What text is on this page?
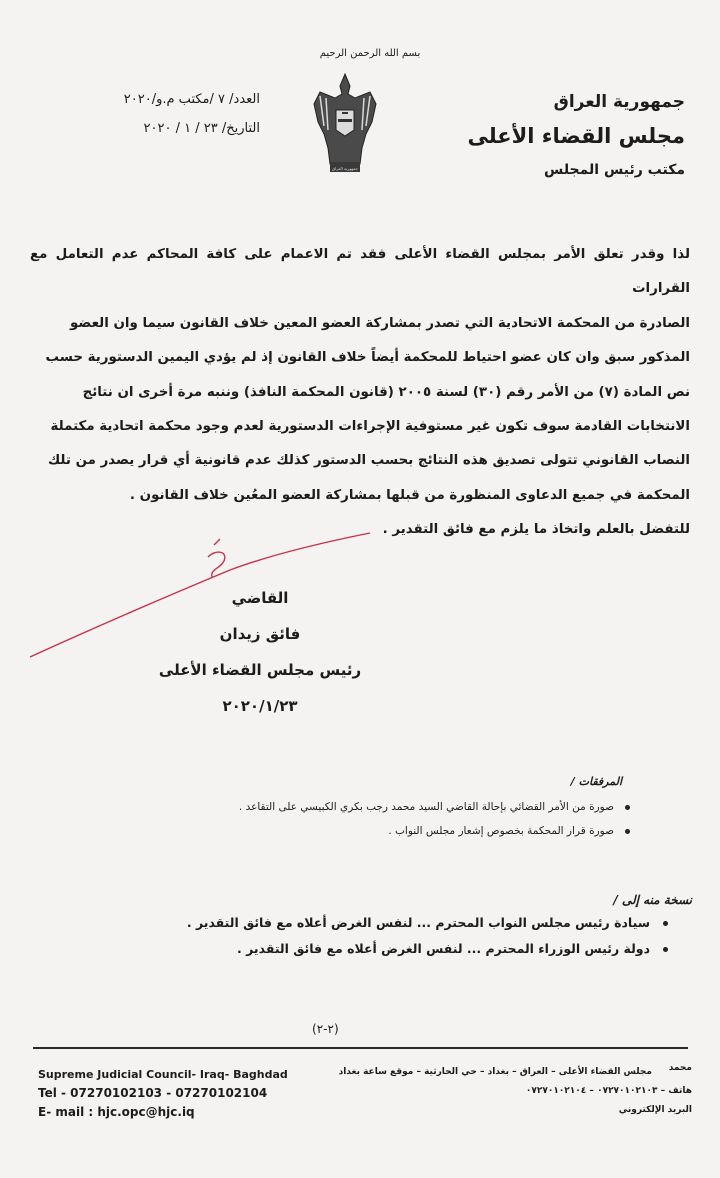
بسم الله الرحمن الرحيم
جمهورية العراق
جمهورية العراق
مجلس القضاء الأعلى
مكتب رئيس المجلس
العدد/ ٧ /مكتب م.و/٢٠٢٠
التاريخ/ ٢٣ / ١ / ٢٠٢٠

لذا وقدر تعلق الأمر بمجلس القضاء الأعلى فقد تم الاعمام على كافة المحاكم عدم التعامل مع القرارات

الصادرة من المحكمة الاتحادية التي تصدر بمشاركة العضو المعين خلاف القانون سيما وان العضو

المذكور سبق وان كان عضو احتياط للمحكمة أيضاً خلاف القانون إذ لم يؤدي اليمين الدستورية حسب

نص المادة (٧) من الأمر رقم (٣٠) لسنة ٢٠٠٥ (قانون المحكمة النافذ) وننبه مرة أخرى ان نتائج

الانتخابات القادمة سوف تكون غير مستوفية الإجراءات الدستورية لعدم وجود محكمة اتحادية مكتملة

النصاب القانوني تتولى تصديق هذه النتائج بحسب الدستور كذلك عدم قانونية أي قرار يصدر من تلك

المحكمة في جميع الدعاوى المنظورة من قبلها بمشاركة العضو المعُين خلاف القانون .

للتفضل بالعلم واتخاذ ما يلزم مع فائق التقدير .

القاضي
فائق زيدان
رئيس مجلس القضاء الأعلى
٢٠٢٠/١/٢٣
المرفقات /
صورة من الأمر القضائي بإحالة القاضي السيد محمد رجب بكري الكبيسي على التقاعد .
صورة قرار المحكمة بخصوص إشعار مجلس النواب .
نسخة منه إلى /
سيادة رئيس مجلس النواب المحترم ... لنفس الغرض أعلاه مع فائق التقدير .
دولة رئيس الوزراء المحترم ... لنفس الغرض أعلاه مع فائق التقدير .
(٢-٢)
Supreme Judicial Council- Iraq- Baghdad
Tel - 07270102103 - 07270102104
E- mail : hjc.opc@hjc.iq
محمد
مجلس القضاء الأعلى – العراق – بغداد – حي الحارثية – موقع ساعة بغداد
هاتف – ٠٧٢٧٠١٠٢١٠٣ – ٠٧٢٧٠١٠٢١٠٤
البريد الإلكتروني
